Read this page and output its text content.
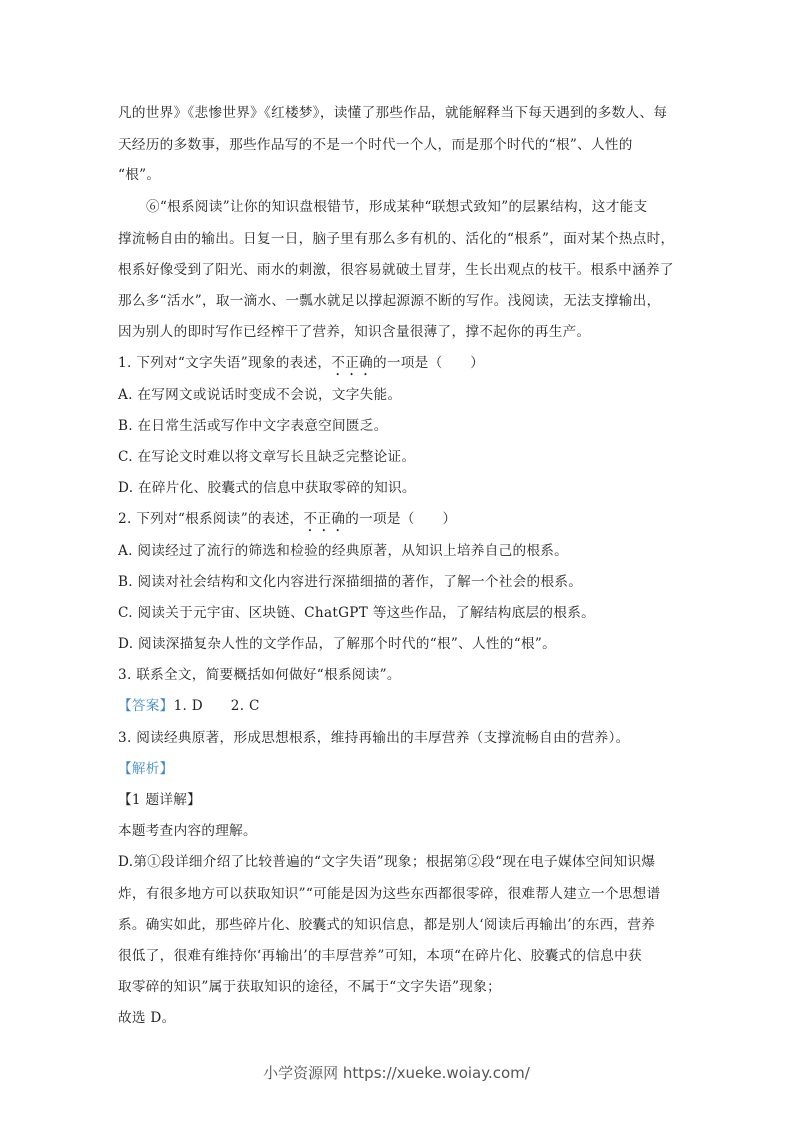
凡的世界》《悲惨世界》《红楼梦》，读懂了那些作品，就能解释当下每天遇到的多数人、每
天经历的多数事，那些作品写的不是一个时代一个人，而是那个时代的“根”、人性的
“根”。
⑥“根系阅读”让你的知识盘根错节，形成某种“联想式致知”的层累结构，这才能支
撑流畅自由的输出。日复一日，脑子里有那么多有机的、活化的“根系”，面对某个热点时，
根系好像受到了阳光、雨水的刺激，很容易就破土冒芽，生长出观点的枝干。根系中涵养了
那么多“活水”，取一滴水、一瓢水就足以撑起源源不断的写作。浅阅读，无法支撑输出，
因为别人的即时写作已经榨干了营养，知识含量很薄了，撑不起你的再生产。
1. 下列对“文字失语”现象的表述，不正确的一项是（　　）
A. 在写网文或说话时变成不会说，文字失能。
B. 在日常生活或写作中文字表意空间匮乏。
C. 在写论文时难以将文章写长且缺乏完整论证。
D. 在碎片化、胶囊式的信息中获取零碎的知识。
2. 下列对“根系阅读”的表述，不正确的一项是（　　）
A. 阅读经过了流行的筛选和检验的经典原著，从知识上培养自己的根系。
B. 阅读对社会结构和文化内容进行深描细描的著作，了解一个社会的根系。
C. 阅读关于元宇宙、区块链、ChatGPT 等这些作品，了解结构底层的根系。
D. 阅读深描复杂人性的文学作品，了解那个时代的“根”、人性的“根”。
3. 联系全文，简要概括如何做好“根系阅读”。
【答案】1. D　　2. C
3. 阅读经典原著，形成思想根系，维持再输出的丰厚营养（支撑流畅自由的营养）。
【解析】
【1 题详解】
本题考查内容的理解。
D.第①段详细介绍了比较普遍的“文字失语”现象；根据第②段“现在电子媒体空间知识爆
炸，有很多地方可以获取知识”“可能是因为这些东西都很零碎，很难帮人建立一个思想谱
系。确实如此，那些碎片化、胶囊式的知识信息，都是别人‘阅读后再输出’的东西，营养
很低了，很难有维持你‘再输出’的丰厚营养”可知，本项“在碎片化、胶囊式的信息中获
取零碎的知识”属于获取知识的途径，不属于“文字失语”现象；
故选 D。
小学资源网 https://xueke.woiay.com/
